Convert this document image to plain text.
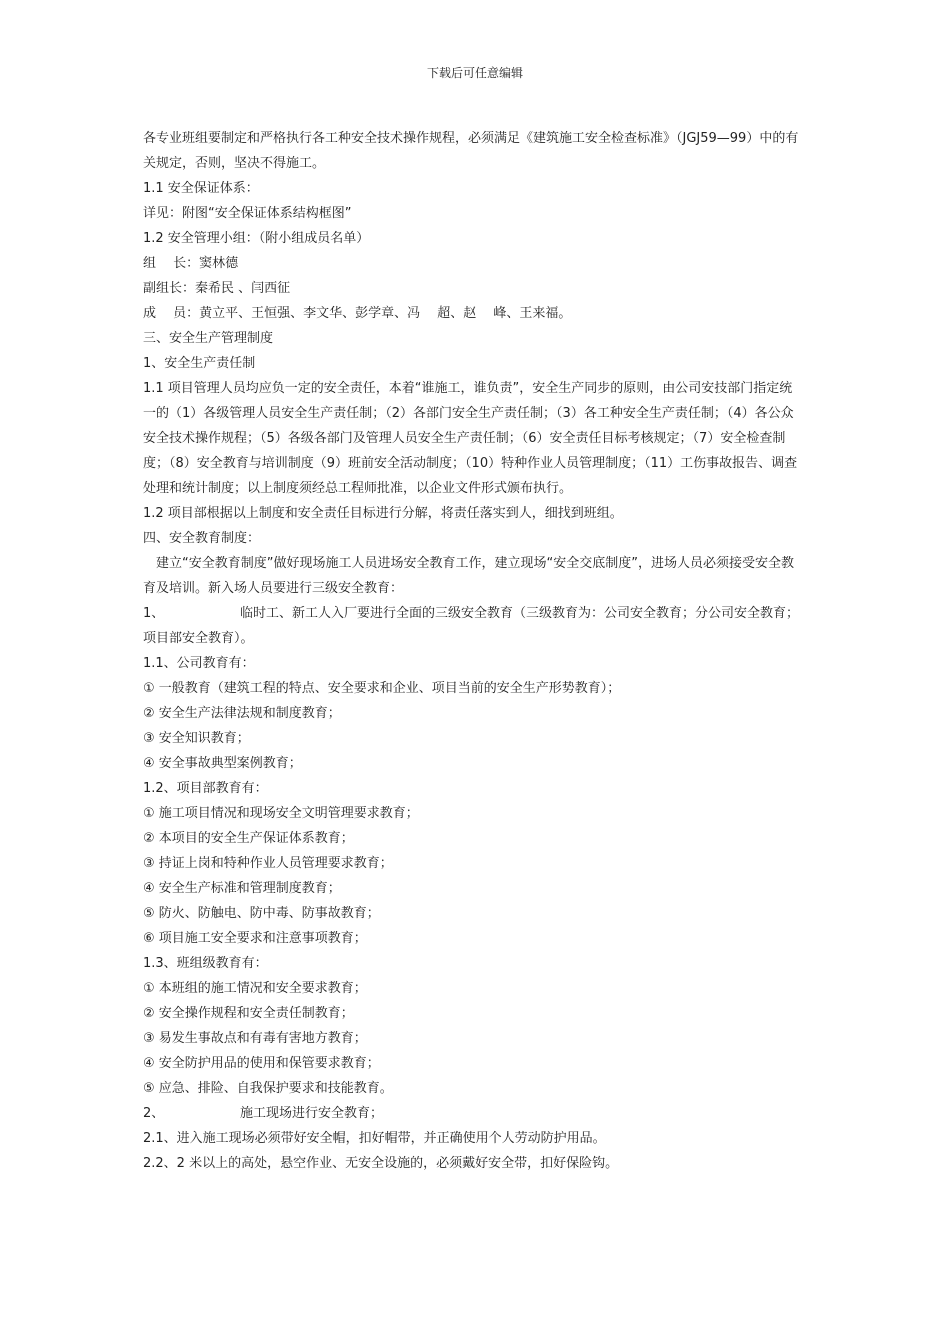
下载后可任意编辑

各专业班组要制定和严格执行各工种安全技术操作规程，必须满足《建筑施工安全检查标准》（JGJ59—99）中的有关规定，否则，坚决不得施工。

1.1 安全保证体系：

详见：附图“安全保证体系结构框图”

1.2 安全管理小组：（附小组成员名单）

组　 长：窦林德

副组长：秦希民 、闫西征

成　 员：黄立平、王恒强、李文华、彭学章、冯　 超、赵　 峰、王来福。

三、安全生产管理制度

1、安全生产责任制

1.1 项目管理人员均应负一定的安全责任，本着“谁施工，谁负责”，安全生产同步的原则，由公司安技部门指定统一的（1）各级管理人员安全生产责任制；（2）各部门安全生产责任制；（3）各工种安全生产责任制；（4）各公众安全技术操作规程；（5）各级各部门及管理人员安全生产责任制；（6）安全责任目标考核规定；（7）安全检查制度；（8）安全教育与培训制度（9）班前安全活动制度；（10）特种作业人员管理制度；（11）工伤事故报告、调查处理和统计制度；以上制度须经总工程师批准，以企业文件形式颁布执行。

1.2 项目部根据以上制度和安全责任目标进行分解，将责任落实到人，细找到班组。

四、安全教育制度：

建立“安全教育制度”做好现场施工人员进场安全教育工作，建立现场“安全交底制度”，进场人员必须接受安全教育及培训。新入场人员要进行三级安全教育：

1、	临时工、新工人入厂要进行全面的三级安全教育（三级教育为：公司安全教育；分公司安全教育；项目部安全教育）。

1.1、公司教育有：

① 一般教育（建筑工程的特点、安全要求和企业、项目当前的安全生产形势教育）；

② 安全生产法律法规和制度教育；

③ 安全知识教育；

④ 安全事故典型案例教育；

1.2、项目部教育有：

① 施工项目情况和现场安全文明管理要求教育；

② 本项目的安全生产保证体系教育；

③ 持证上岗和特种作业人员管理要求教育；

④ 安全生产标准和管理制度教育；

⑤ 防火、防触电、防中毒、防事故教育；

⑥ 项目施工安全要求和注意事项教育；

1.3、班组级教育有：

① 本班组的施工情况和安全要求教育；

② 安全操作规程和安全责任制教育；

③ 易发生事故点和有毒有害地方教育；

④ 安全防护用品的使用和保管要求教育；

⑤ 应急、排险、自我保护要求和技能教育。

2、	施工现场进行安全教育；

2.1、进入施工现场必须带好安全帽，扣好帽带，并正确使用个人劳动防护用品。

2.2、2 米以上的高处，悬空作业、无安全设施的，必须戴好安全带，扣好保险钩。
